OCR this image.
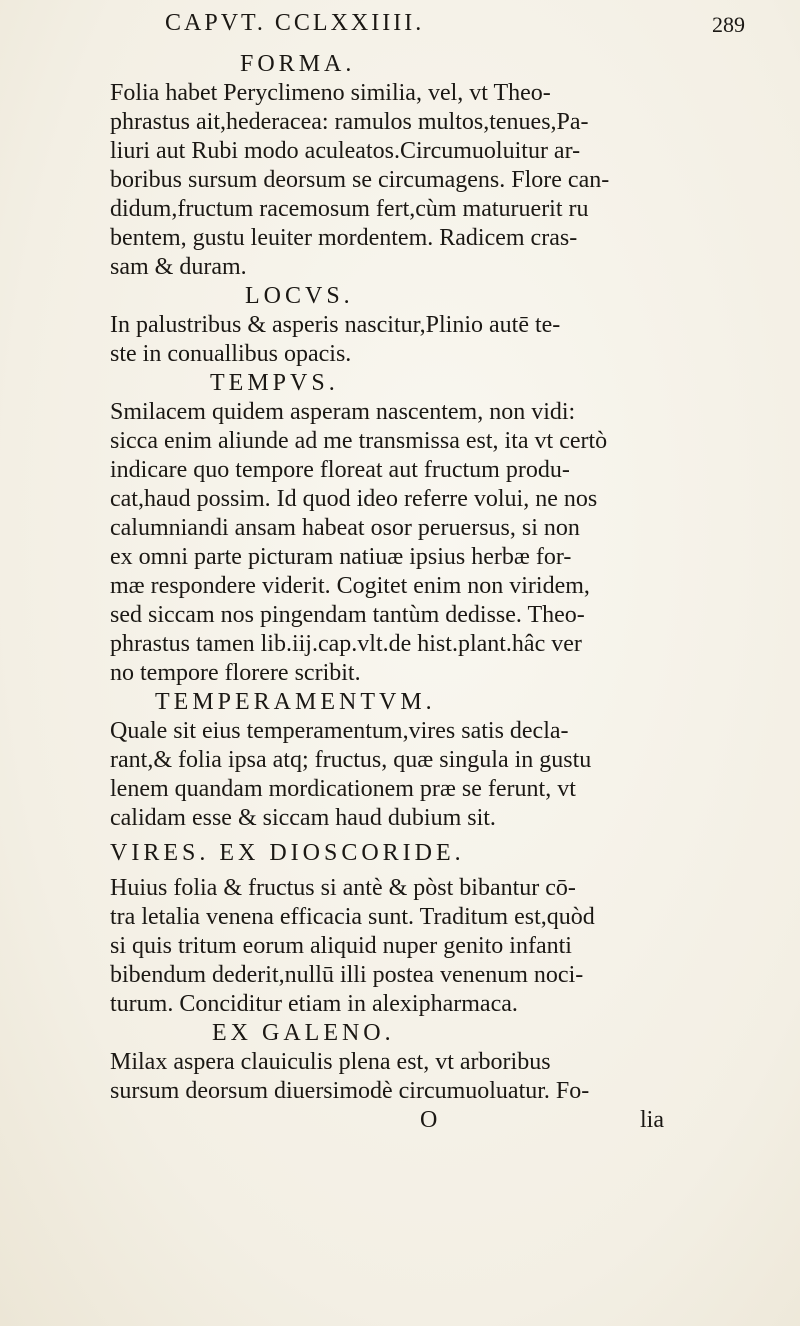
CAPVT. CCLXXIIII.	289
FORMA.
Folia habet Peryclimeno similia, vel, vt Theo-
phrastus ait,hederacea: ramulos multos,tenues,Pa-
liuri aut Rubi modo aculeatos.Circumuoluitur ar-
boribus sursum deorsum se circumagens. Flore can-
didum,fructum racemosum fert,cùm maturuerit ru
bentem, gustu leuiter mordentem. Radicem cras-
sam & duram.
LOCVS.
In palustribus & asperis nascitur,Plinio autē te-
ste in conuallibus opacis.
TEMPVS.
Smilacem quidem asperam nascentem, non vidi:
sicca enim aliunde ad me transmissa est, ita vt certò
indicare quo tempore floreat aut fructum produ-
cat,haud possim. Id quod ideo referre volui, ne nos
calumniandi ansam habeat osor peruersus, si non
ex omni parte picturam natiuæ ipsius herbæ for-
mæ respondere viderit. Cogitet enim non viridem,
sed siccam nos pingendam tantùm dedisse. Theo-
phrastus tamen lib.iij.cap.vlt.de hist.plant.hâc ver
no tempore florere scribit.
TEMPERAMENTVM.
Quale sit eius temperamentum,vires satis decla-
rant,& folia ipsa atq; fructus, quæ singula in gustu
lenem quandam mordicationem præ se ferunt, vt
calidam esse & siccam haud dubium sit.
VIRES. EX DIOSCORIDE.
Huius folia & fructus si antè & pòst bibantur cō-
tra letalia venena efficacia sunt. Traditum est,quòd
si quis tritum eorum aliquid nuper genito infanti
bibendum dederit,nullū illi postea venenum noci-
turum. Conciditur etiam in alexipharmaca.
EX GALENO.
Milax aspera clauiculis plena est, vt arboribus
sursum deorsum diuersimodè circumuoluatur. Fo-
O	lia
